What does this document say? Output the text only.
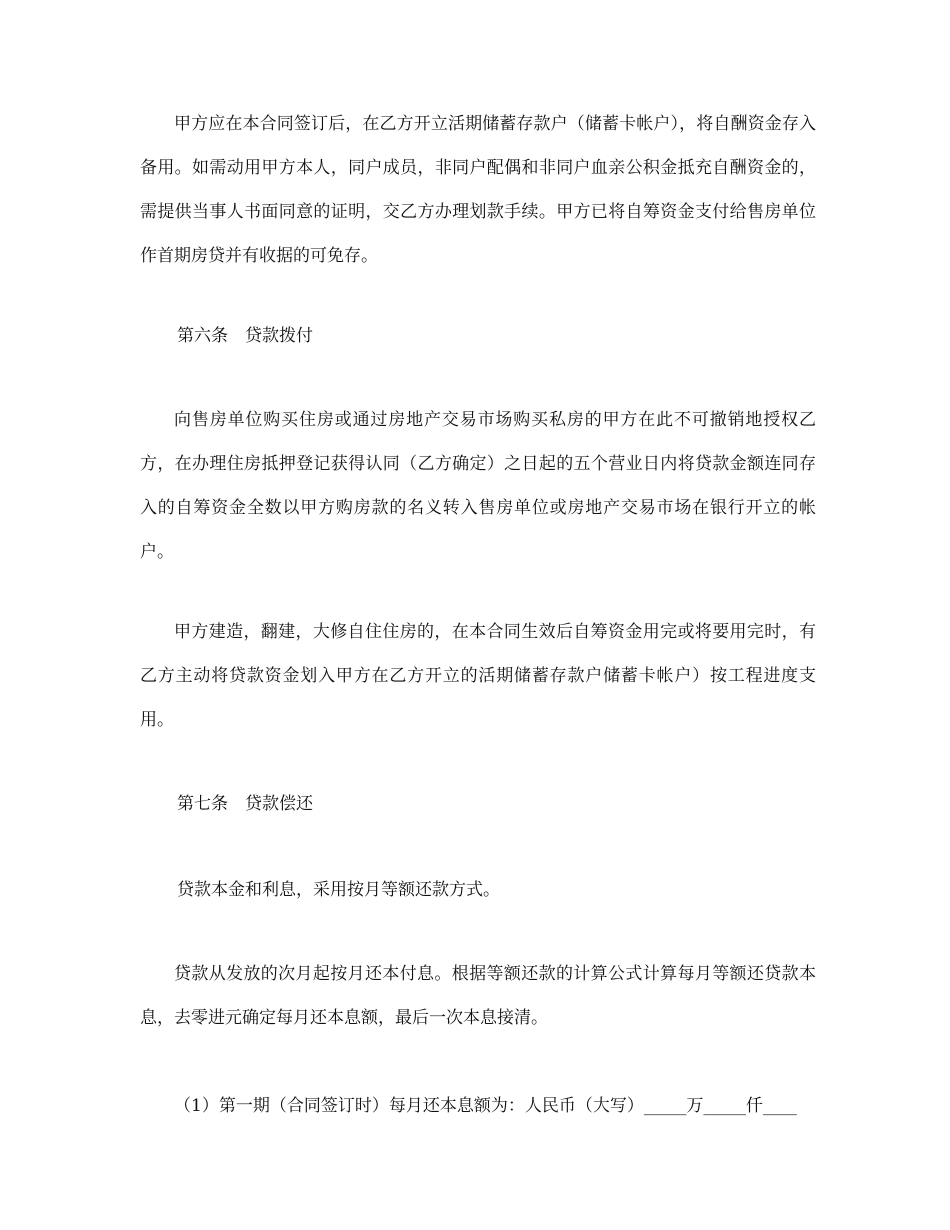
甲方应在本合同签订后，在乙方开立活期储蓄存款户（储蓄卡帐户），将自酬资金存入备用。如需动用甲方本人，同户成员，非同户配偶和非同户血亲公积金抵充自酬资金的，需提供当事人书面同意的证明，交乙方办理划款手续。甲方已将自筹资金支付给售房单位作首期房贷并有收据的可免存。

第六条　贷款拨付

向售房单位购买住房或通过房地产交易市场购买私房的甲方在此不可撤销地授权乙方，在办理住房抵押登记获得认同（乙方确定）之日起的五个营业日内将贷款金额连同存入的自筹资金全数以甲方购房款的名义转入售房单位或房地产交易市场在银行开立的帐户。

甲方建造，翻建，大修自住住房的，在本合同生效后自筹资金用完或将要用完时，有乙方主动将贷款资金划入甲方在乙方开立的活期储蓄存款户储蓄卡帐户）按工程进度支用。

第七条　贷款偿还

贷款本金和利息，采用按月等额还款方式。

贷款从发放的次月起按月还本付息。根据等额还款的计算公式计算每月等额还贷款本息，去零进元确定每月还本息额，最后一次本息接清。

（1）第一期（合同签订时）每月还本息额为：人民币（大写）_____万_____仟____
